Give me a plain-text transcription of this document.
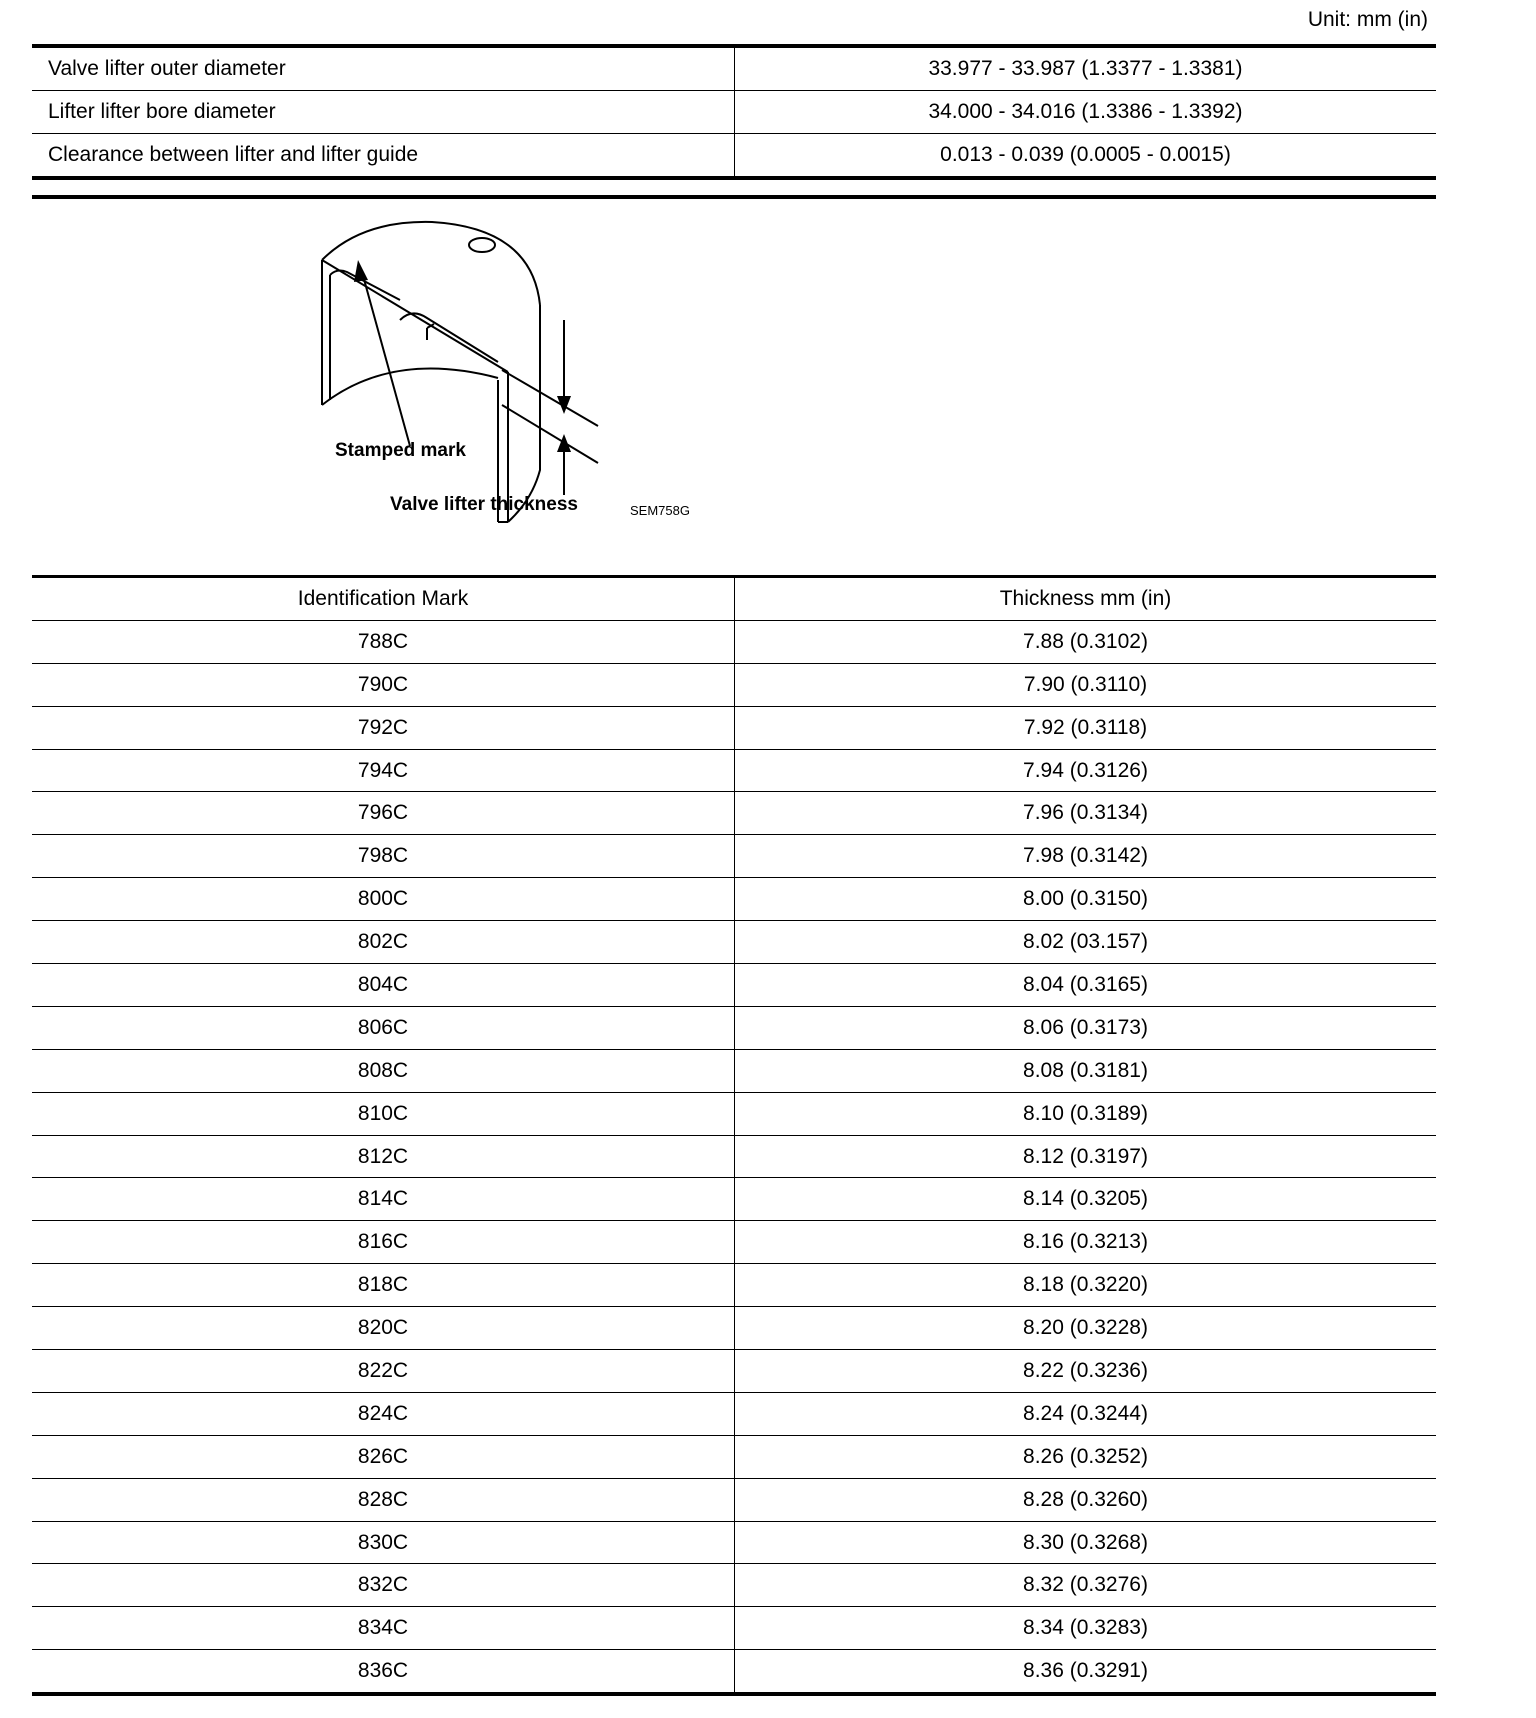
Unit: mm (in)
Valve lifter outer diameter	33.977 - 33.987 (1.3377 - 1.3381)
Lifter lifter bore diameter	34.000 - 34.016 (1.3386 - 1.3392)
Clearance between lifter and lifter guide	0.013 - 0.039 (0.0005 - 0.0015)
Stamped mark
Valve lifter thickness	SEM758G
Identification Mark	Thickness mm (in)
788C	7.88 (0.3102)
790C	7.90 (0.3110)
792C	7.92 (0.3118)
794C	7.94 (0.3126)
796C	7.96 (0.3134)
798C	7.98 (0.3142)
800C	8.00 (0.3150)
802C	8.02 (03.157)
804C	8.04 (0.3165)
806C	8.06 (0.3173)
808C	8.08 (0.3181)
810C	8.10 (0.3189)
812C	8.12 (0.3197)
814C	8.14 (0.3205)
816C	8.16 (0.3213)
818C	8.18 (0.3220)
820C	8.20 (0.3228)
822C	8.22 (0.3236)
824C	8.24 (0.3244)
826C	8.26 (0.3252)
828C	8.28 (0.3260)
830C	8.30 (0.3268)
832C	8.32 (0.3276)
834C	8.34 (0.3283)
836C	8.36 (0.3291)
